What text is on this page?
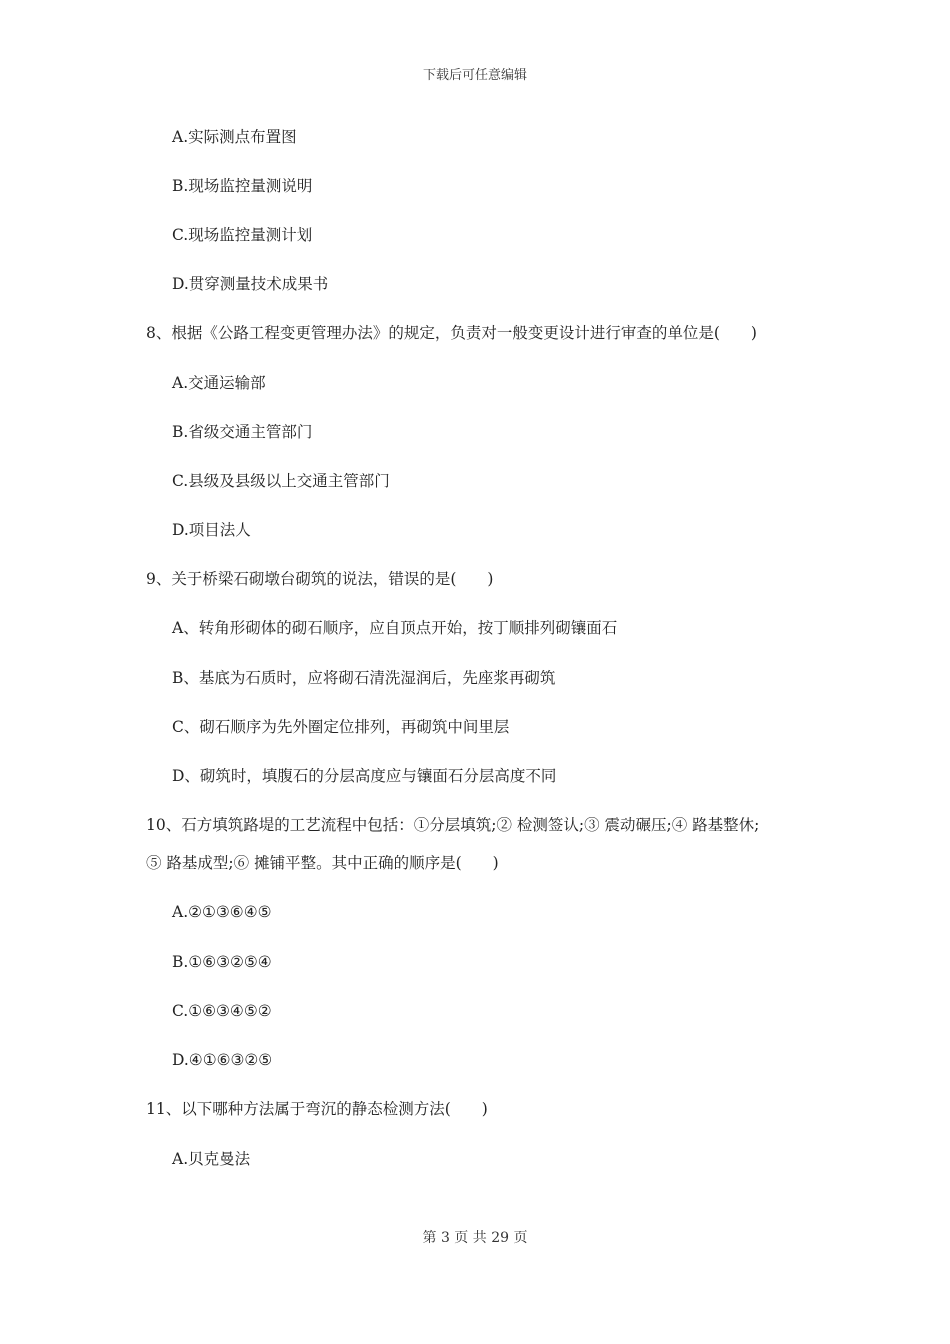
下载后可任意编辑
A.实际测点布置图
B.现场监控量测说明
C.现场监控量测计划
D.贯穿测量技术成果书
8、根据《公路工程变更管理办法》的规定，负责对一般变更设计进行审查的单位是(　　)
A.交通运输部
B.省级交通主管部门
C.县级及县级以上交通主管部门
D.项目法人
9、关于桥梁石砌墩台砌筑的说法，错误的是(　　)
A、转角形砌体的砌石顺序，应自顶点开始，按丁顺排列砌镶面石
B、基底为石质时，应将砌石清洗湿润后，先座浆再砌筑
C、砌石顺序为先外圈定位排列，再砌筑中间里层
D、砌筑时，填腹石的分层高度应与镶面石分层高度不同
10、石方填筑路堤的工艺流程中包括：①分层填筑;② 检测签认;③ 震动碾压;④ 路基整休;
⑤ 路基成型;⑥ 摊铺平整。其中正确的顺序是(　　)
A.②①③⑥④⑤
B.①⑥③②⑤④
C.①⑥③④⑤②
D.④①⑥③②⑤
11、以下哪种方法属于弯沉的静态检测方法(　　)
A.贝克曼法
第 3 页 共 29 页
